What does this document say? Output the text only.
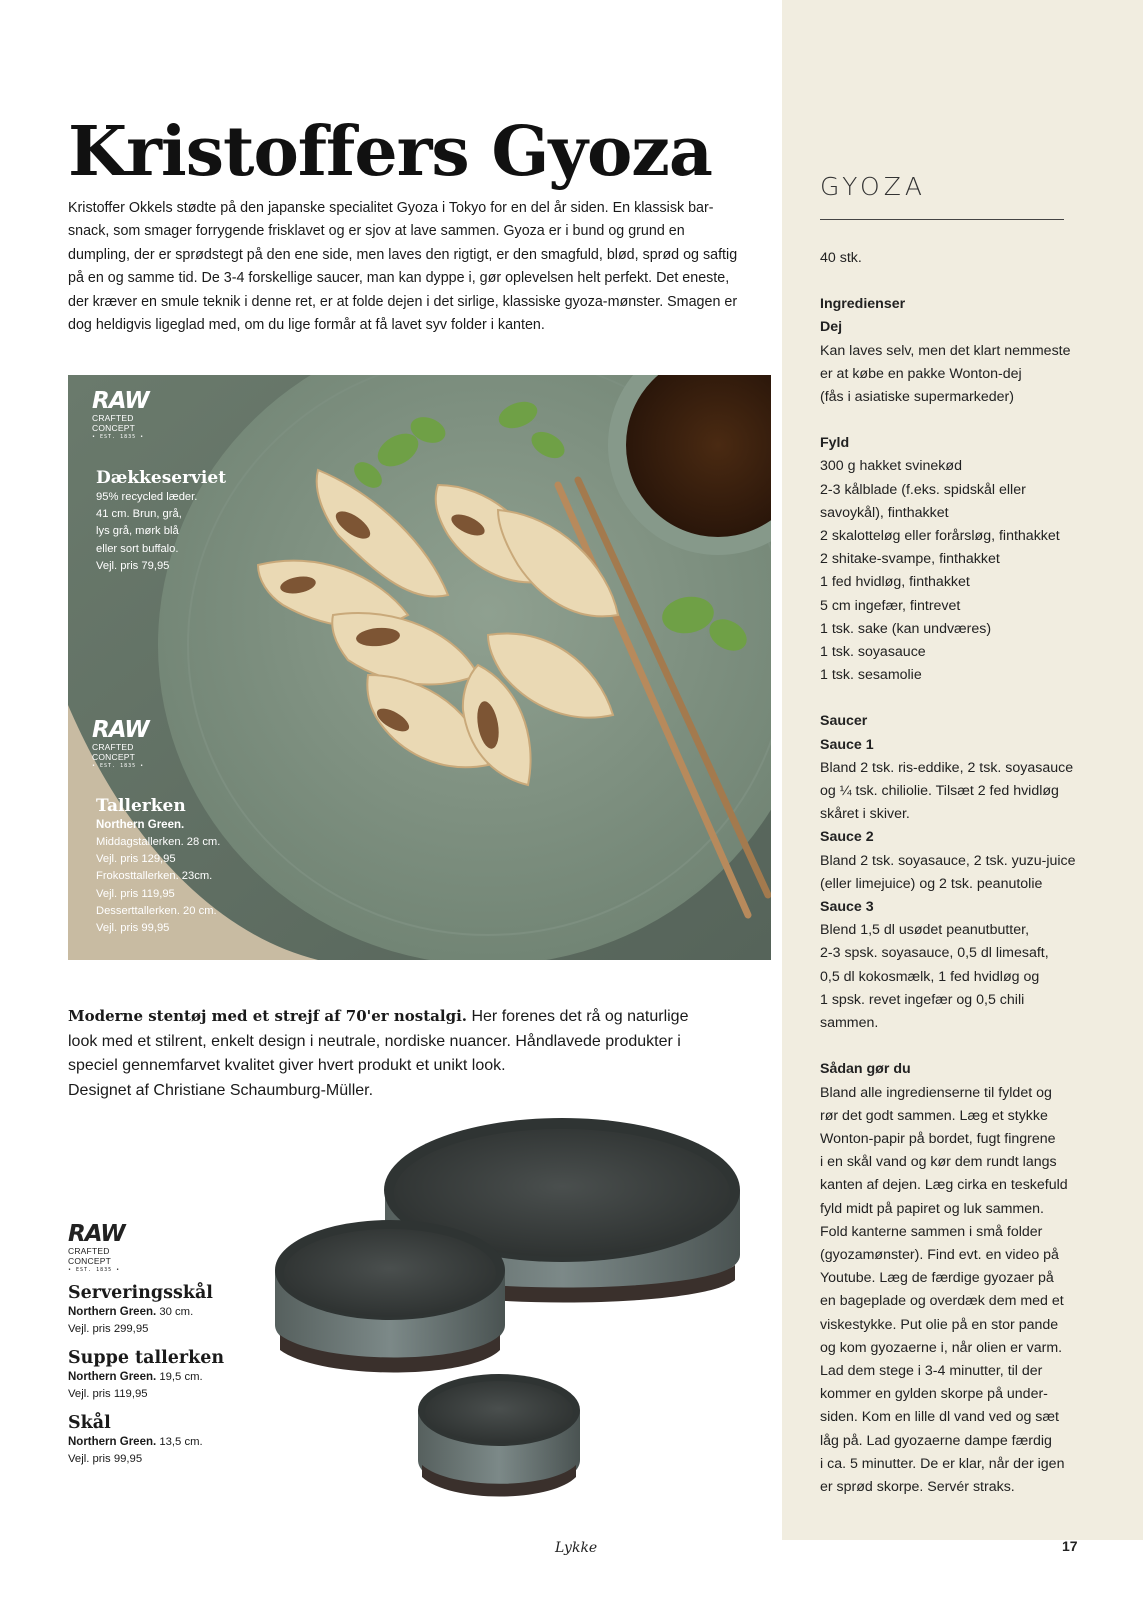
GYOZA
40 stk.
Ingredienser
Dej
Kan laves selv, men det klart nemmeste
er at købe en pakke Wonton-dej
(fås i asiatiske supermarkeder)
Fyld
300 g hakket svinekød
2-3 kålblade (f.eks. spidskål eller
savoykål), finthakket
2 skalotteløg eller forårsløg, finthakket
2 shitake-svampe, finthakket
1 fed hvidløg, finthakket
5 cm ingefær, fintrevet
1 tsk. sake (kan undværes)
1 tsk. soyasauce
1 tsk. sesamolie
Saucer
Sauce 1
Bland 2 tsk. ris-eddike, 2 tsk. soyasauce
og ¼ tsk. chiliolie. Tilsæt 2 fed hvidløg
skåret i skiver.
Sauce 2
Bland 2 tsk. soyasauce, 2 tsk. yuzu-juice
(eller limejuice) og 2 tsk. peanutolie
Sauce 3
Blend 1,5 dl usødet peanutbutter,
2-3 spsk. soyasauce, 0,5 dl limesaft,
0,5 dl kokosmælk, 1 fed hvidløg og
1 spsk. revet ingefær og 0,5 chili
sammen.
Sådan gør du
Bland alle ingredienserne til fyldet og
rør det godt sammen. Læg et stykke
Wonton-papir på bordet, fugt fingrene
i en skål vand og kør dem rundt langs
kanten af dejen. Læg cirka en teskefuld
fyld midt på papiret og luk sammen.
Fold kanterne sammen i små folder
(gyozamønster). Find evt. en video på
Youtube. Læg de færdige gyozaer på
en bageplade og overdæk dem med et
viskestykke. Put olie på en stor pande
og kom gyozaerne i, når olien er varm.
Lad dem stege i 3-4 minutter, til der
kommer en gylden skorpe på under-
siden. Kom en lille dl vand ved og sæt
låg på. Lad gyozaerne dampe færdig
i ca. 5 minutter. De er klar, når der igen
er sprød skorpe. Servér straks.
Kristoffers Gyoza

Kristoffer Okkels stødte på den japanske specialitet Gyoza i Tokyo for en del år siden. En klassisk bar-snack, som smager forrygende frisklavet og er sjov at lave sammen. Gyoza er i bund og grund en dumpling, der er sprødstegt på den ene side, men laves den rigtigt, er den smagfuld, blød, sprød og saftig på en og samme tid. De 3-4 forskellige saucer, man kan dyppe i, gør oplevelsen helt perfekt. Det eneste, der kræver en smule teknik i denne ret, er at folde dejen i det sirlige, klassiske gyoza-mønster. Smagen er dog heldigvis ligeglad med, om du lige formår at få lavet syv folder i kanten.

RAW
CRAFTED
CONCEPT
• EST. 1835 •
Dækkeserviet
95% recycled læder.
41 cm. Brun, grå,
lys grå, mørk blå
eller sort buffalo.
Vejl. pris 79,95
RAW
CRAFTED
CONCEPT
• EST. 1835 •
Tallerken
Northern Green.
Middagstallerken. 28 cm.
Vejl. pris 129,95
Frokosttallerken. 23cm.
Vejl. pris 119,95
Desserttallerken. 20 cm.
Vejl. pris 99,95

Moderne stentøj med et strejf af 70'er nostalgi. Her forenes det rå og naturlige look med et stilrent, enkelt design i neutrale, nordiske nuancer. Håndlavede produkter i speciel gennemfarvet kvalitet giver hvert produkt et unikt look.
Designet af Christiane Schaumburg-Müller.

RAW
CRAFTED
CONCEPT
• EST. 1835 •
Serveringsskål
Northern Green. 30 cm.
Vejl. pris 299,95
Suppe tallerken
Northern Green. 19,5 cm.
Vejl. pris 119,95
Skål
Northern Green. 13,5 cm.
Vejl. pris 99,95
Lykke	17
